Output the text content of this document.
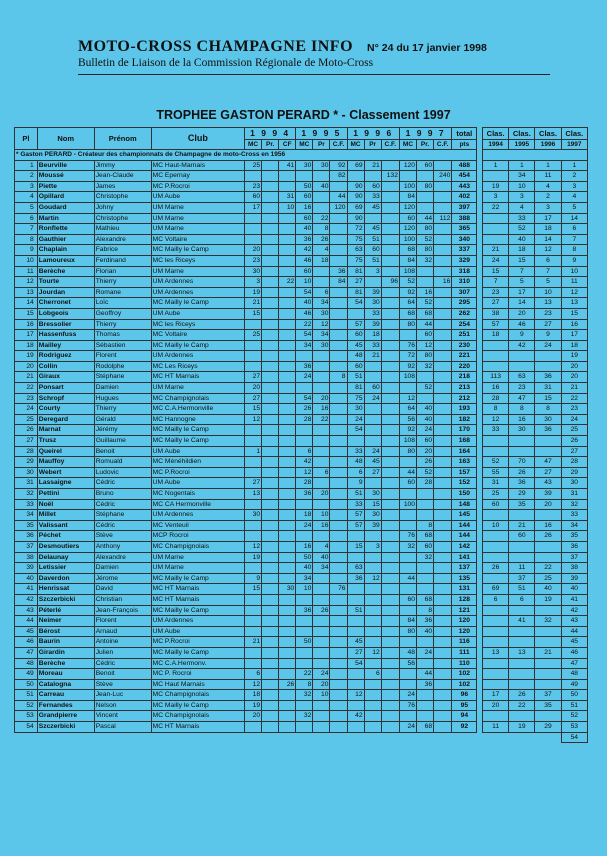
MOTO-CROSS CHAMPAGNE INFO N° 24 du 17 janvier 1998
Bulletin de Liaison de la Commission Régionale de Moto-Cross
TROPHEE GASTON PERARD * - Classement 1997
Pl	Nom	Prénom	Club	1 9 9 4			1 9 9 5			1 9 9 6			1 9 9 7			total		Clas.	Clas.	Clas.	Clas.
				MC	Pr.	CF	MC	Pr	C.F.	MC	Pr	C.F.	MC	Pr.	C.F.	pts		1994	1995	1996	1997
* Gaston PERARD - Créateur des championnats de Champagne de moto-Cross en 1956																					
1	Beurville	Jimmy	MC Haut-Marnais	25		41	30	30	92	69	21		120	60		488		1	1	1	1
2	Moussé	Jean-Claude	MC Epernay						82			132			240	454			34	11	2
3	Piette	James	MC P.Rocroi	23			50	40		90	60		100	80		443		19	10	4	3
4	Opillard	Christophe	UM Aube	60		31	60		44	90	33		84			402		3	3	2	4
5	Goudard	Johny	UM Marne	17		10	16		120	69	45		120			397		22	4	3	5
6	Martin	Christophe	UM Marne				60	22		90			60	44	112	388			33	17	14
7	Ronflette	Mathieu	UM Marne				40	8		72	45		120	80		365			52	18	6
8	Gauthier	Alexandre	MC Voltaire				36	26		75	51		100	52		340			40	14	7
9	Chaplain	Fabrice	MC Mailly le Camp	20			42	4		63	60		68	80		337		21	18	12	8
10	Lamoureux	Ferdinand	MC les Riceys	23			46	18		75	51		84	32		329		24	15	6	9
11	Berèche	Florian	UM Marne	30			60		36	81	3		108			318		15	7	7	10
12	Tourte	Thierry	UM Ardennes	3		22	10		84	27		96	52		16	310		7	5	5	11
13	Jourdan	Romane	UM Ardennes	19			54	6		81	39		92	16		307		23	17	10	12
14	Cherronet	Loïc	MC Mailly le Camp	21			40	34		54	30		64	52		295		27	14	13	13
15	Lobgeois	Geoffroy	UM Aube	15			46	30			33		68	68		262		38	20	23	15
16	Bressolier	Thierry	MC les Riceys				22	12		57	39		80	44		254		57	46	27	16
17	Hassenfuss	Thomas	MC Voltaire	25			54	34		60	18			60		251		18	9	9	17
18	Mailley	Sébastien	MC Mailly le Camp				34	30		45	33		76	12		230			42	24	18
19	Rodriguez	Florent	UM Ardennes							48	21		72	80		221					19
20	Collin	Rodolphe	MC Les Riceys				36			60			92	32		220					20
21	Giraux	Stéphane	MC HT Marnais	27			24		8	51			108			218		113	63	36	20
22	Ponsart	Damien	UM Marne	20						81	60			52		213		16	23	31	21
23	Schropf	Hugues	MC Champignolais	27			54	20		75	24		12			212		28	47	15	22
24	Courty	Thierry	MC C.A.Hermonville	15			26	16		30			64	40		193		8	8	8	23
25	Deregard	Gérald	MC Hannogne	12			28	22		24			56	40		182		12	16	30	24
26	Marnat	Jérémy	MC Mailly le Camp							54			92	24		170		33	30	36	25
27	Trusz	Guillaume	MC Mailly le Camp										108	60		168					26
28	Queirel	Benoit	UM Aube	1			6			33	24		80	20		164					27
29	Mauffoy	Romuald	MC Ménéhildien				42			48	45			26		163		52	70	47	28
30	Webert	Ludovic	MC P.Rocroi				12	6		6	27		44	52		157		55	26	27	29
31	Lassaigne	Cédric	UM Aube	27			28			9			60	28		152		31	36	43	30
32	Pettini	Bruno	MC Nogentais	13			36	20		51	30					150		25	29	39	31
33	Noël	Cédric	MC CA Hermonville							33	15		100			148		60	35	20	32
34	Millet	Stéphane	UM Ardennes	30			18	10		57	30					145					33
35	Valissant	Cédric	MC Venteuil				24	16		57	39			8		144		10	21	16	34
36	Péchet	Stève	MCP Rocroi										76	68		144			60	26	35
37	Desmoutiers	Anthony	MC Champignolais	12			16	4		15	3		32	60		142					36
38	Delaunay	Alexandre	UM Marne	19			50	40						32		141					37
39	Letissier	Damien	UM Marne				40	34		63						137		26	11	22	38
40	Daverdon	Jérome	MC Mailly le Camp	9			34			36	12		44			135			37	25	39
41	Henrissat	David	MC HT Marnais	15		30	10		76							131		69	51	40	40
42	Szczerbicki	Christian	MC HT Marnais										60	68		128		6	6	19	41
43	Péterlé	Jean-François	MC Mailly le Camp				36	26		51				8		121					42
44	Neimer	Florent	UM Ardennes										84	36		120			41	32	43
45	Bérost	Arnaud	UM Aube										80	40		120					44
46	Baurin	Antoine	MC P.Rocroi	21			50			45						116					45
47	Girardin	Julien	MC Mailly le Camp							27	12		48	24		111		13	13	21	46
48	Berèche	Cédric	MC C.A.Hermonv.							54			56			110					47
49	Moreau	Benoit	MC P. Rocroi	6			22	24			6			44		102					48
50	Catalogna	Stève	MC Haut Marnais	12		26	8	20						36		102					49
51	Carreau	Jean-Luc	MC Champignolais	18			32	10		12			24			96		17	26	37	50
52	Fernandes	Nelson	MC Mailly le Camp	19									76			95		20	22	35	51
53	Grandpierre	Vincent	MC Champignolais	20			32			42						94					52
54	Szczerbicki	Pascal	MC HT Marnais										24	68		92		11	19	29	53
																					54
